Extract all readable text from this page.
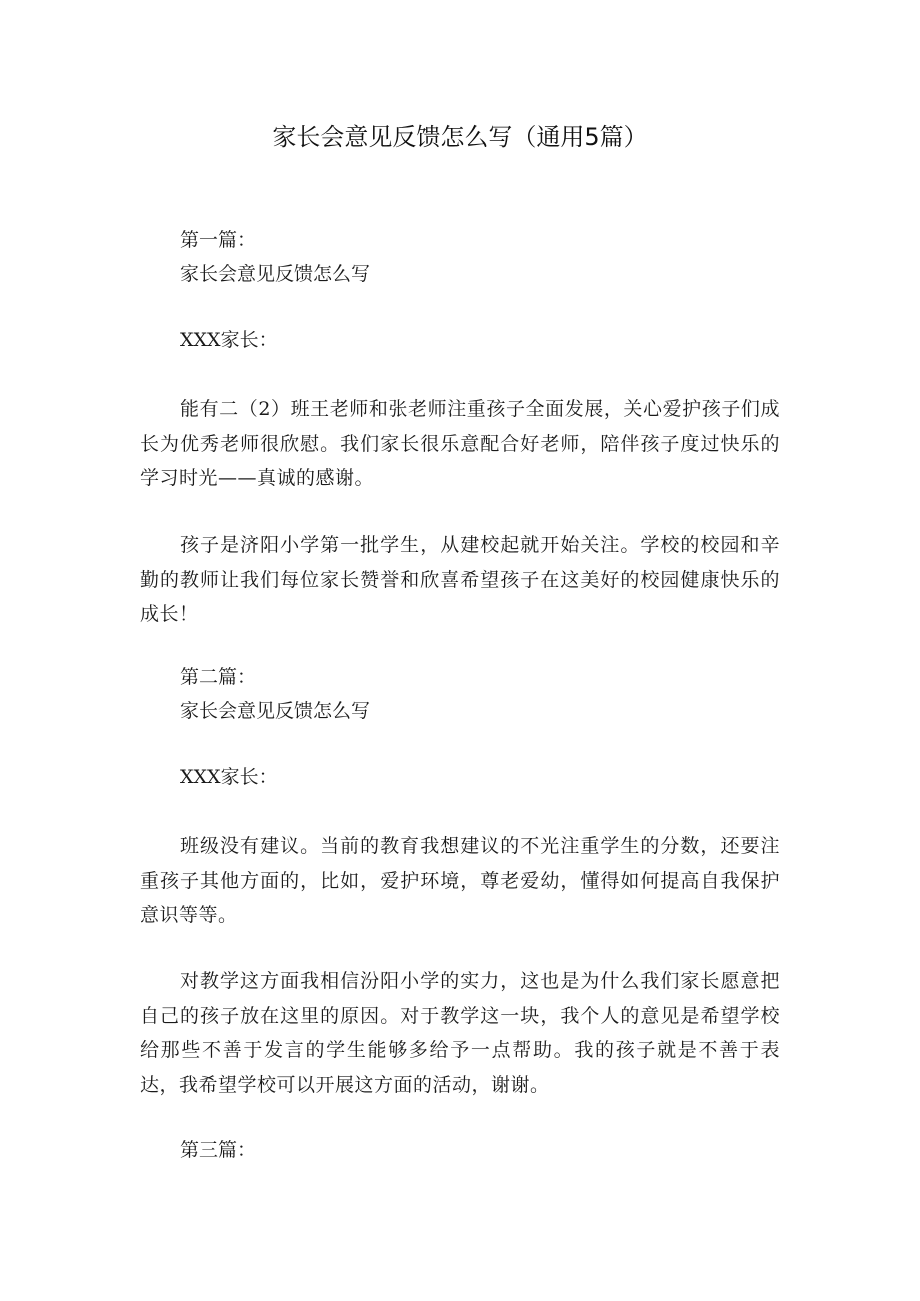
家长会意见反馈怎么写（通用5篇）
第一篇：
家长会意见反馈怎么写
XXX家长：
能有二（2）班王老师和张老师注重孩子全面发展，关心爱护孩子们成长为优秀老师很欣慰。我们家长很乐意配合好老师，陪伴孩子度过快乐的学习时光——真诚的感谢。
孩子是济阳小学第一批学生，从建校起就开始关注。学校的校园和辛勤的教师让我们每位家长赞誉和欣喜希望孩子在这美好的校园健康快乐的成长！
第二篇：
家长会意见反馈怎么写
XXX家长：
班级没有建议。当前的教育我想建议的不光注重学生的分数，还要注重孩子其他方面的，比如，爱护环境，尊老爱幼，懂得如何提高自我保护意识等等。
对教学这方面我相信汾阳小学的实力，这也是为什么我们家长愿意把自己的孩子放在这里的原因。对于教学这一块，我个人的意见是希望学校给那些不善于发言的学生能够多给予一点帮助。我的孩子就是不善于表达，我希望学校可以开展这方面的活动，谢谢。
第三篇：
